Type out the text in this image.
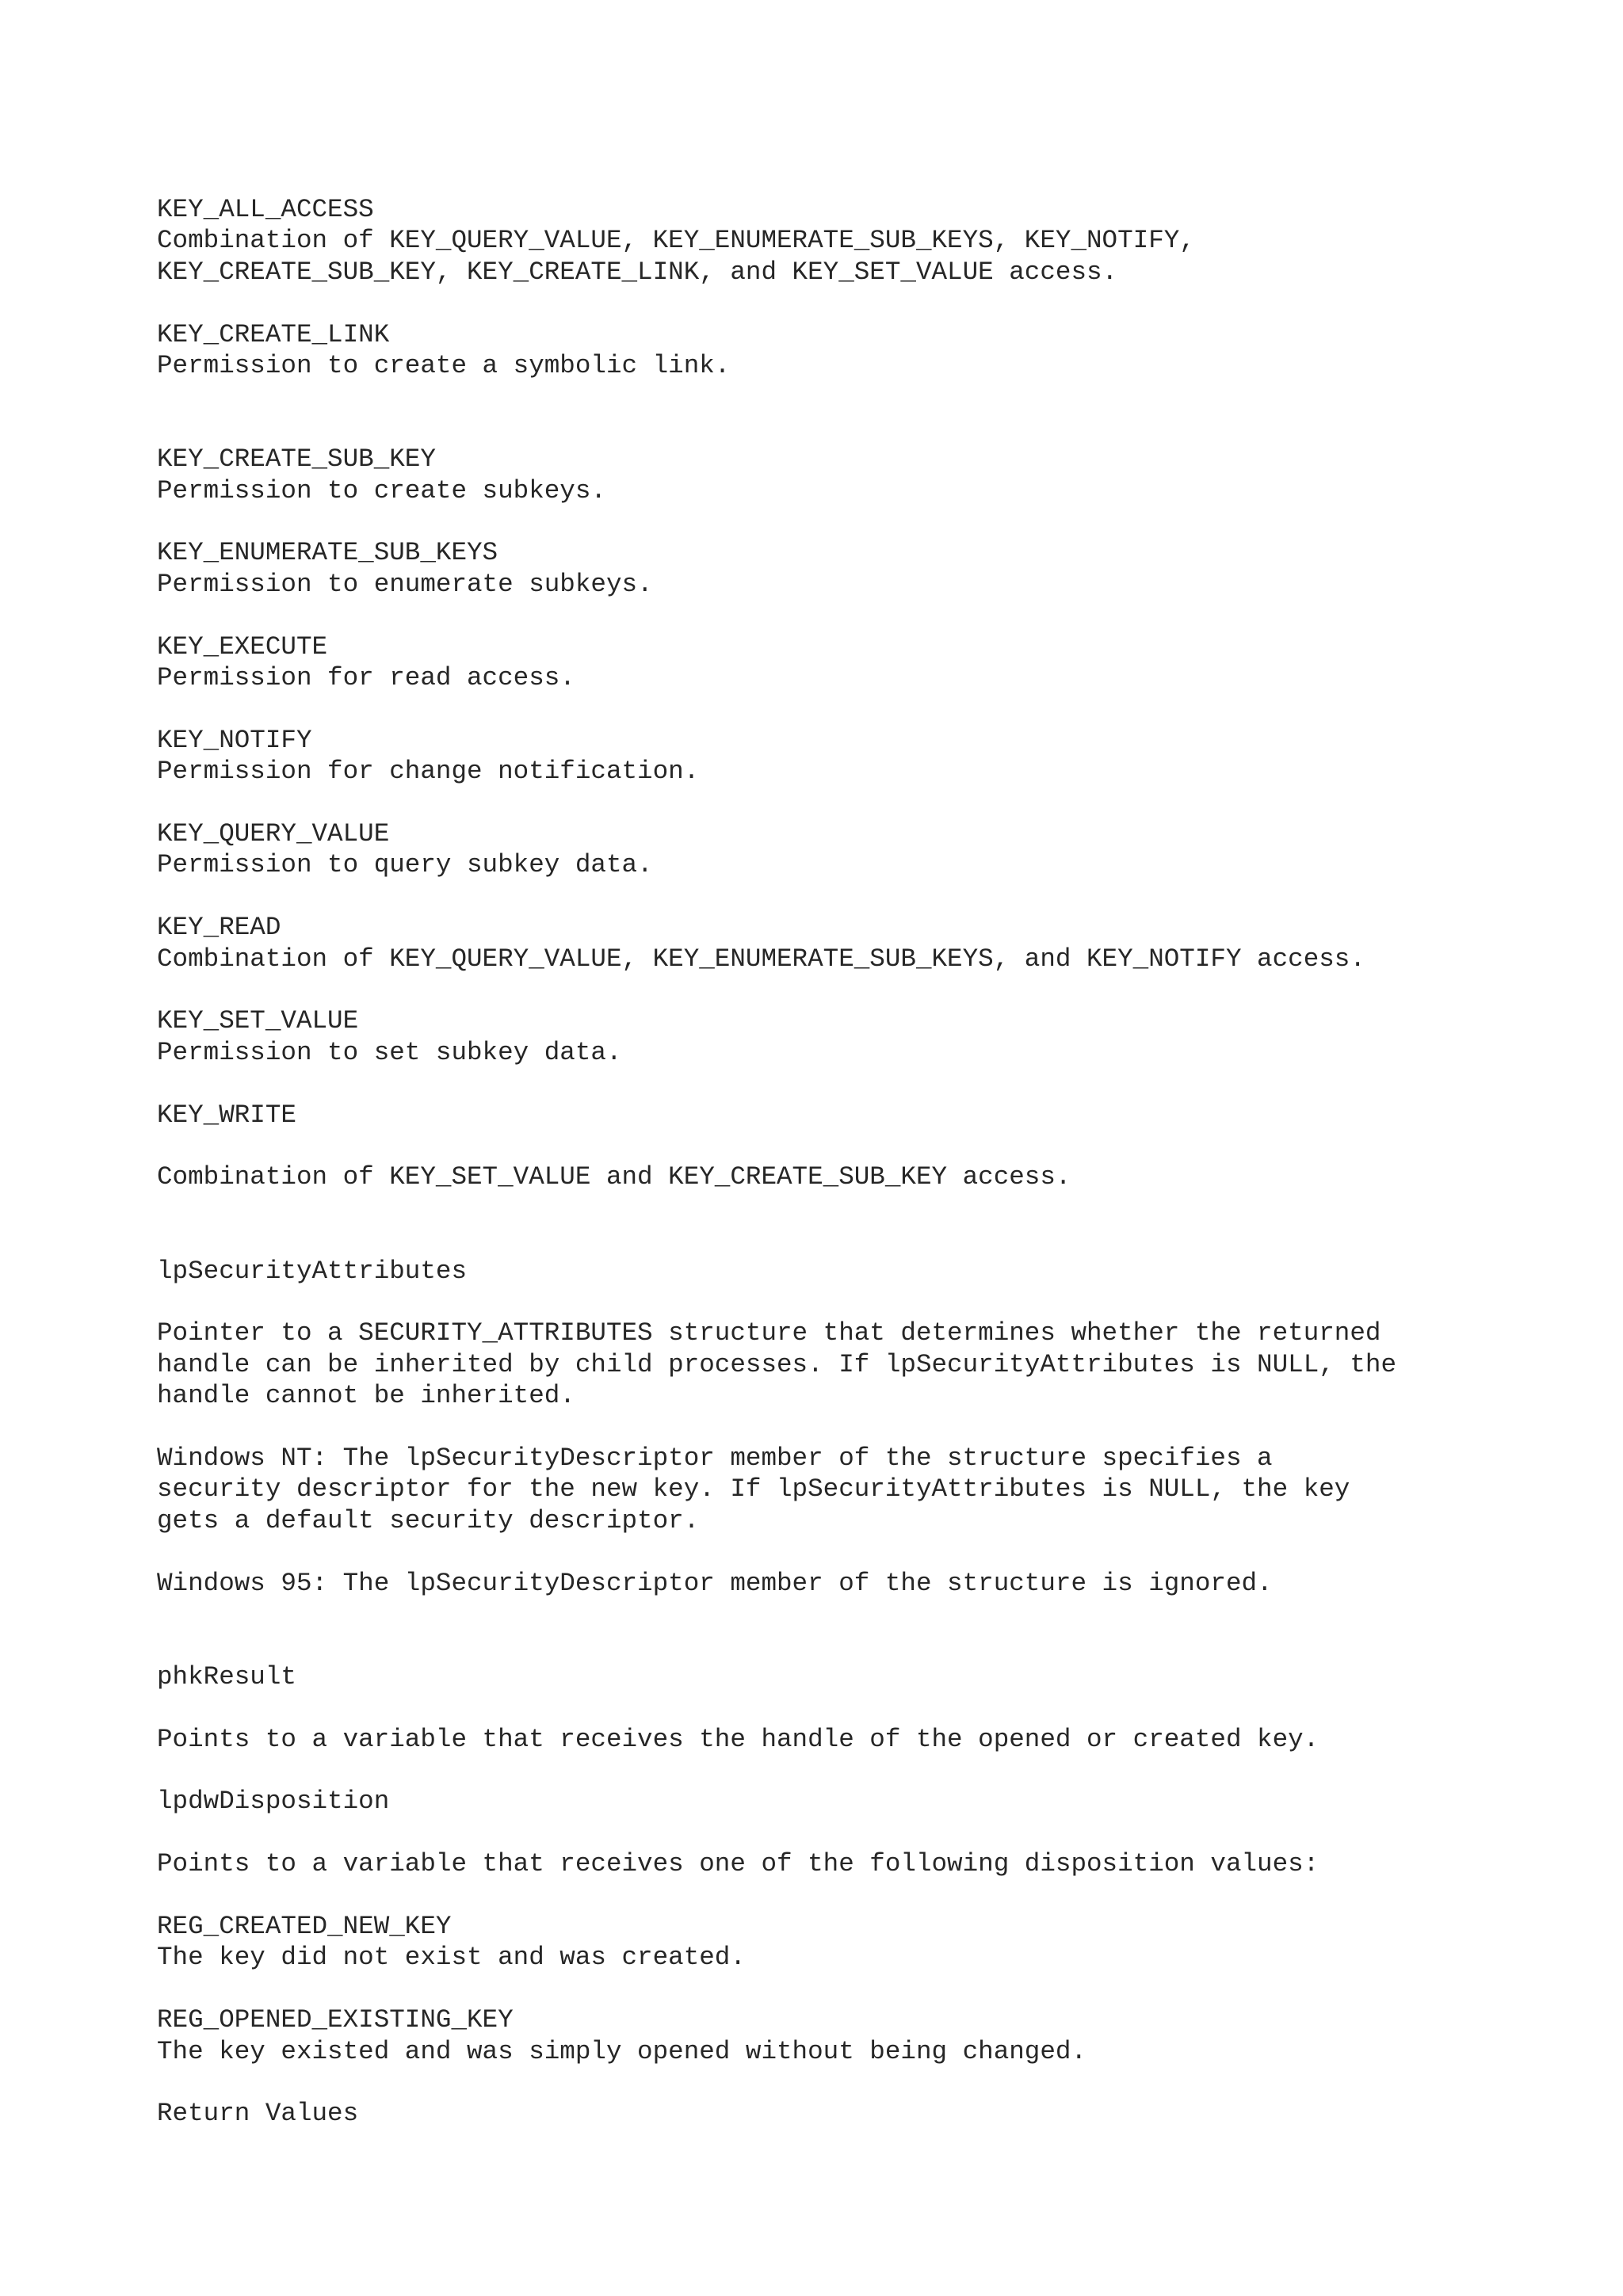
KEY_ALL_ACCESS
Combination of KEY_QUERY_VALUE, KEY_ENUMERATE_SUB_KEYS, KEY_NOTIFY,
KEY_CREATE_SUB_KEY, KEY_CREATE_LINK, and KEY_SET_VALUE access.
KEY_CREATE_LINK
Permission to create a symbolic link.
KEY_CREATE_SUB_KEY
Permission to create subkeys.
KEY_ENUMERATE_SUB_KEYS
Permission to enumerate subkeys.
KEY_EXECUTE
Permission for read access.
KEY_NOTIFY
Permission for change notification.
KEY_QUERY_VALUE
Permission to query subkey data.
KEY_READ
Combination of KEY_QUERY_VALUE, KEY_ENUMERATE_SUB_KEYS, and KEY_NOTIFY access.
KEY_SET_VALUE
Permission to set subkey data.
KEY_WRITE
Combination of KEY_SET_VALUE and KEY_CREATE_SUB_KEY access.
lpSecurityAttributes
Pointer to a SECURITY_ATTRIBUTES structure that determines whether the returned
handle can be inherited by child processes. If lpSecurityAttributes is NULL, the
handle cannot be inherited.
Windows NT: The lpSecurityDescriptor member of the structure specifies a
security descriptor for the new key. If lpSecurityAttributes is NULL, the key
gets a default security descriptor.
Windows 95: The lpSecurityDescriptor member of the structure is ignored.
phkResult
Points to a variable that receives the handle of the opened or created key.
lpdwDisposition
Points to a variable that receives one of the following disposition values:
REG_CREATED_NEW_KEY
The key did not exist and was created.
REG_OPENED_EXISTING_KEY
The key existed and was simply opened without being changed.
Return Values
